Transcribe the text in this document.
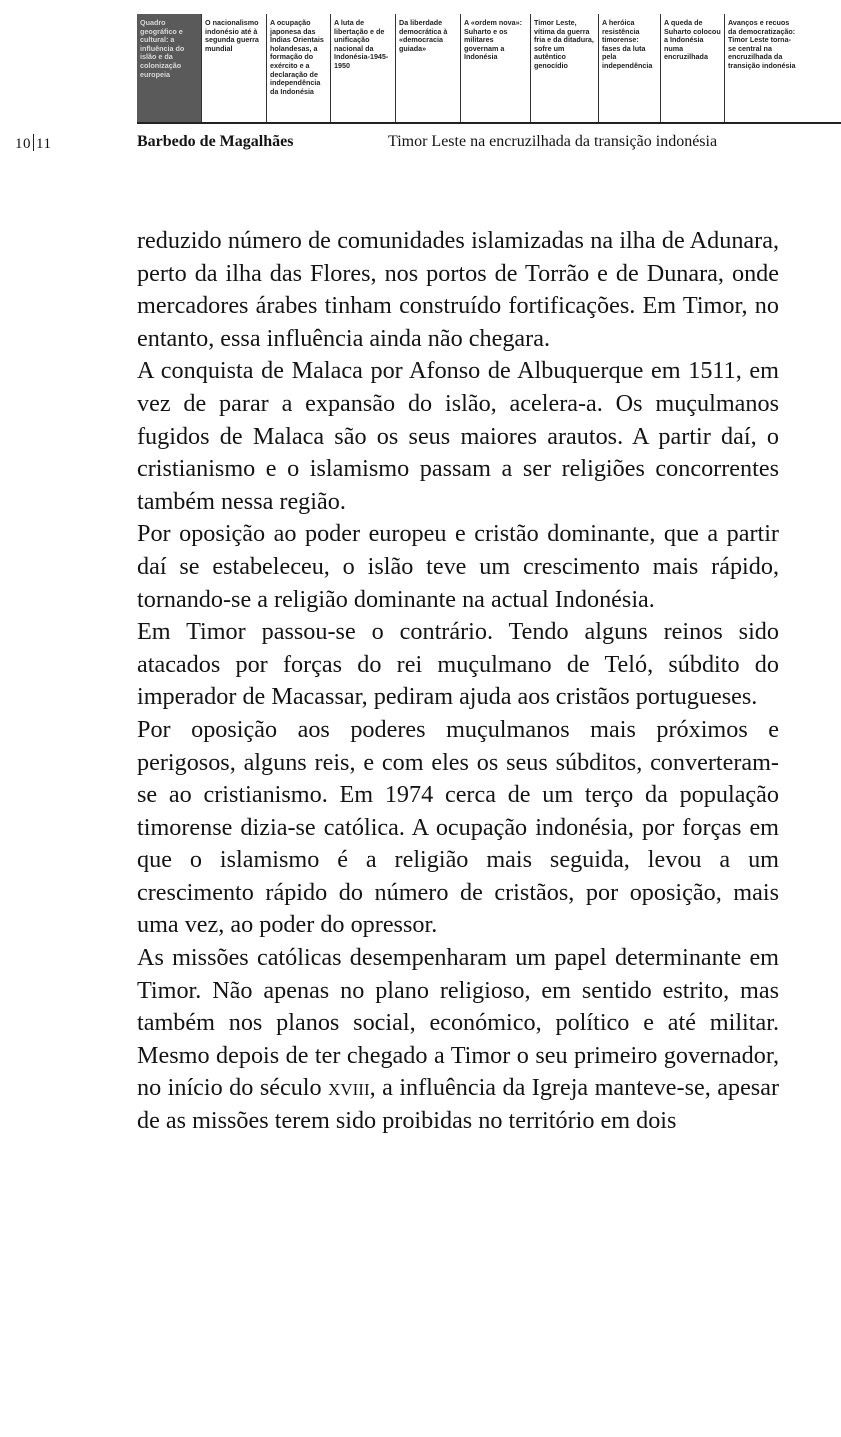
Quadro geográfico e cultural: a influência do islão e da colonização europeia
O nacionalismo indonésio até à segunda guerra mundial
A ocupação japonesa das Índias Orientais holandesas, a formação do exército e a declaração de independência da Indonésia
A luta de libertação e de unificação nacional da Indonésia-1945-1950
Da liberdade democrática à «democracia guiada»
A «ordem nova»: Suharto e os militares governam a Indonésia
Timor Leste, vítima da guerra fria e da ditadura, sofre um autêntico genocídio
A heróica resistência timorense: fases da luta pela independência
A queda de Suharto colocou a Indonésia numa encruzilhada
Avanços e recuos da democratização: Timor Leste torna-se central na encruzilhada da transição indonésia
10 11	Barbedo de Magalhães	Timor Leste na encruzilhada da transição indonésia

reduzido número de comunidades islamizadas na ilha de Adunara, perto da ilha das Flores, nos portos de Torrão e de Dunara, onde mercadores árabes tinham construído fortificações. Em Timor, no entanto, essa influência ainda não chegara.

A conquista de Malaca por Afonso de Albuquerque em 1511, em vez de parar a expansão do islão, acelera-a. Os muçulmanos fugidos de Malaca são os seus maiores arautos. A partir daí, o cristianismo e o islamismo passam a ser religiões concorrentes também nessa região.

Por oposição ao poder europeu e cristão dominante, que a partir daí se estabeleceu, o islão teve um crescimento mais rápido, tornando-se a religião dominante na actual Indonésia.

Em Timor passou-se o contrário. Tendo alguns reinos sido atacados por forças do rei muçulmano de Teló, súbdito do imperador de Macassar, pediram ajuda aos cristãos portugueses.

Por oposição aos poderes muçulmanos mais próximos e perigosos, alguns reis, e com eles os seus súbditos, converteram-se ao cristianismo. Em 1974 cerca de um terço da população timorense dizia-se católica. A ocupação indonésia, por forças em que o islamismo é a religião mais seguida, levou a um crescimento rápido do número de cristãos, por oposição, mais uma vez, ao poder do opressor.

As missões católicas desempenharam um papel determinante em Timor. Não apenas no plano religioso, em sentido estrito, mas também nos planos social, económico, político e até militar. Mesmo depois de ter chegado a Timor o seu primeiro governador, no início do século xviii, a influência da Igreja manteve-se, apesar de as missões terem sido proibidas no território em dois
